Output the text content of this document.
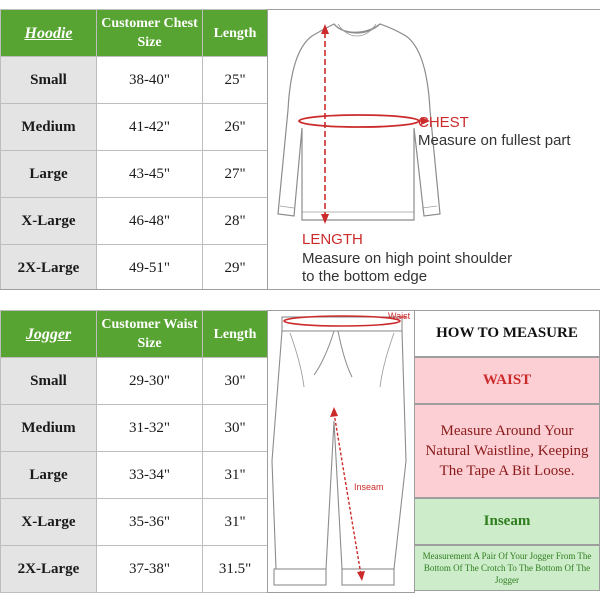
Hoodie	Customer Chest Size	Length
Small	38-40"	25"
Medium	41-42"	26"
Large	43-45"	27"
X-Large	46-48"	28"
2X-Large	49-51"	29"
CHEST
Measure on fullest part
LENGTH
Measure on high point shoulder
to the bottom edge
Jogger	Customer Waist Size	Length
Small	29-30"	30"
Medium	31-32"	30"
Large	33-34"	31"
X-Large	35-36"	31"
2X-Large	37-38"	31.5"
Waist
Inseam
HOW TO MEASURE
WAIST
Measure Around Your Natural Waistline, Keeping The Tape A Bit Loose.
Inseam
Measurement A Pair Of Your Jogger From The Bottom Of The Crotch To The Bottom Of The Jogger
